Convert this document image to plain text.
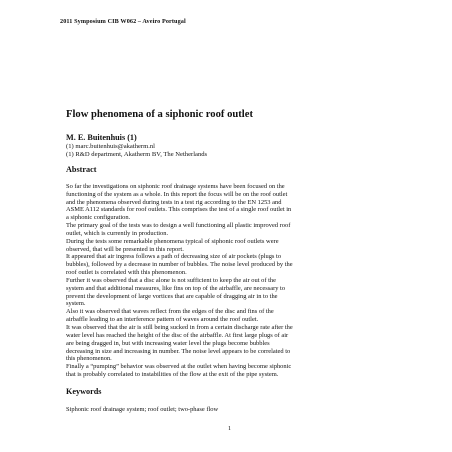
2011 Symposium CIB W062 – Aveiro Portugal
Flow phenomena of a siphonic roof outlet
M. E. Buitenhuis (1)
(1) marc.buitenhuis@akatherm.nl
(1) R&D department, Akatherm BV, The Netherlands
Abstract

So far the investigations on siphonic roof drainage systems have been focused on the

functioning of the system as a whole. In this report the focus will be on the roof outlet

and the phenomena observed during tests in a test rig according to the EN 1253 and

ASME A112 standards for roof outlets. This comprises the test of a single roof outlet in

a siphonic configuration.

The primary goal of the tests was to design a well functioning all plastic improved roof

outlet, which is currently in production.

During the tests some remarkable phenomena typical of siphonic roof outlets were

observed, that will be presented in this report.

It appeared that air ingress follows a path of decreasing size of air pockets (plugs to

bubbles), followed by a decrease in number of bubbles. The noise level produced by the

roof outlet is correlated with this phenomenon.

Further it was observed that a disc alone is not sufficient to keep the air out of the

system and that additional measures, like fins on top of the airbaffle, are necessary to

prevent the development of large vortices that are capable of dragging air in to the

system.

Also it was observed that waves reflect from the edges of the disc and fins of the

airbaffle leading to an interference pattern of waves around the roof outlet.

It was observed that the air is still being sucked in from a certain discharge rate after the

water level has reached the height of the disc of the airbaffle. At first large plugs of air

are being dragged in, but with increasing water level the plugs become bubbles

decreasing in size and increasing in number. The noise level appears to be correlated to

this phenomenon.

Finally a “pumping” behavior was observed at the outlet when having become siphonic

that is probably correlated to instabilities of the flow at the exit of the pipe system.

Keywords
Siphonic roof drainage system; roof outlet; two-phase flow
1
